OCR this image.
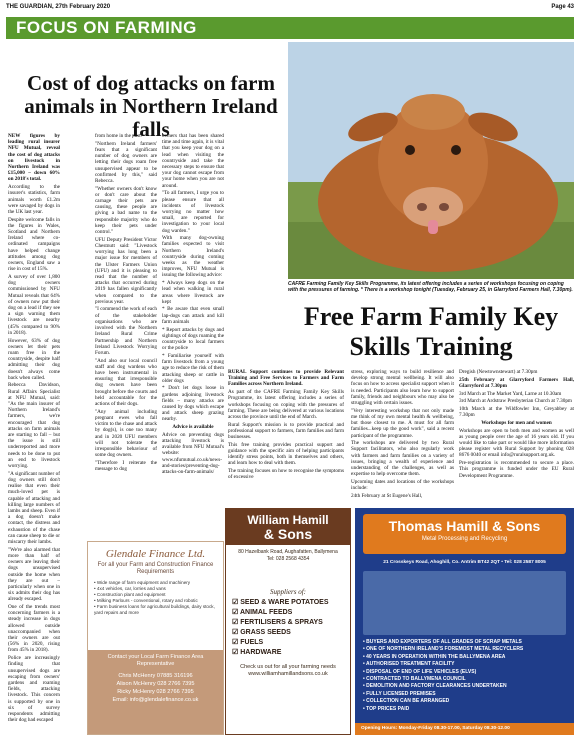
THE GUARDIAN, 27th February 2020	Page 43
FOCUS ON FARMING
Cost of dog attacks on farm animals in Northern Ireland falls

NEW figures by leading rural insurer NFU Mutual, reveal the cost of dog attacks on livestock in Northern Ireland was £15,000 – down 60% on 2018's total.

According to the insurer's statistics, farm animals worth £1.2m were savaged by dogs in the UK last year.

Despite welcome falls in the figures in Wales, Scotland and Northern Ireland where co-ordinated campaigns have helped change attitudes among dog owners, England saw a rise in cost of 15%.

A survey of over 1,800 dog owners commissioned by NFU Mutual reveals that 64% of owners now put their dog on a lead if they see a sign warning them livestock are nearby (45% compared to 90% in 2018).

However, 63% of dog owners let their pets roam free in the countryside, despite half admitting their dog doesn't always come back when called.

Rebecca Davidson, Rural Affairs Specialist at NFU Mutual, said: "As the main insurer of Northern Ireland's farmers, we're encouraged that dog attacks on farm animals are starting to fall – but the issue is still underreported and more needs to be done to put an end to livestock worrying.

"A significant number of dog owners still don't realise that even their much-loved pet is capable of attacking and killing large numbers of lambs and sheep. Even if a dog doesn't make contact, the distress and exhaustion of the chase can cause sheep to die or miscarry their lambs.

"We're also alarmed that more than half of owners are leaving their dogs unsupervised outside the home when they are out – particularly when one in six admits their dog has already escaped.

One of the trends most concerning farmers is a steady increase in dogs allowed outside unaccompanied when their owners are out (56% in 2020, rising from 45% in 2018).

Police are increasingly finding that unsupervised dogs are escaping from owners' gardens and roaming fields, attacking livestock. This concern is supported by one in six of survey respondents admitting their dog had escaped

from home in the past.

"Northern Ireland farmers' fears that a significant number of dog owners are letting their dogs roam free unsupervised appear to be confirmed by this," said Rebecca.

"Whether owners don't know or don't care about the carnage their pets are causing, these people are giving a bad name to the responsible majority who do keep their pets under control."

UFU Deputy President Victor Chestnutt said: "Livestock worrying has long been a major issue for members of the Ulster Farmers Union (UFU) and it is pleasing to read that the number of attacks that occurred during 2019 has fallen significantly when compared to the previous year.

"I commend the work of each of the stakeholder organisations who are involved with the Northern Ireland Rural Crime Partnership and Northern Ireland Livestock Worrying Forum.

"And also our local council staff and dog wardens who have been instrumental in ensuring that irresponsible dog owners have been brought before the courts and held accountable for the actions of their dogs.

"Any animal including pregnant ewes who fall victim to the chase and attack by dog(s), is one too many and in 2020 UFU members will not tolerate the irresponsible behaviour of some dog owners.

"Therefore I reiterate the message to dog

owners that has been shared time and time again, it is vital that you keep your dog on a lead when visiting the countryside and take the necessary steps to ensure that your dog cannot escape from your home when you are not around.

"To all farmers, I urge you to please ensure that all incidents of livestock worrying no matter how small, are reported for investigation to your local dog warden."

With many dog-owning families expected to visit Northern Ireland's countryside during coming weeks as the weather improves, NFU Mutual is issuing the following advice:

* Always keep dogs on the lead when walking in rural areas where livestock are kept

* Be aware that even small lap-dogs can attack and kill farm animals

* Report attacks by dogs and sightings of dogs roaming the countryside to local farmers or the police

* Familiarise yourself with farm livestock from a young age to reduce the risk of them attacking sheep or cattle in older dogs

* Don't let dogs loose in gardens adjoining livestock fields – many attacks are caused by dogs which escape and attack sheep grazing nearby.

Advice is available

Advice on preventing dogs attacking livestock is available from NFU Mutual's website: www.nfumutual.co.uk/news-and-stories/preventing-dog-attacks-on-farm-animals/

CAFRE Farming Family Key Skills Programme, its latest offering includes a series of workshops focusing on coping with the pressures of farming. * There is a workshop tonight (Tuesday, February 25, in Glarryford Farmers Hall, 7.30pm).
Free Farm Family Key Skills Training

RURAL Support continues to provide Relevant Training and Free Services to Farmers and Farm Families across Northern Ireland.

As part of the CAFRE Farming Family Key Skills Programme, its latest offering includes a series of workshops focusing on coping with the pressures of farming. These are being delivered at various locations across the province until the end of March.

Rural Support's mission is to provide practical and professional support to farmers, farm families and farm businesses.

This free training provides practical support and guidance with the specific aim of helping participants identify stress points, both in themselves and others, and learn how to deal with them.

The training focuses on how to recognise the symptoms of excessive

stress, exploring ways to build resilience and develop strong mental wellbeing. It will also focus on how to access specialist support when it is needed. Participants also learn how to support family, friends and neighbours who may also be struggling with certain issues.

"Very interesting workshop that not only made me think of my own mental health & wellbeing, but those closest to me. A must for all farm families...keep up the good work", said a recent participant of the programme.

The workshops are delivered by two Rural Support facilitators, who also regularly work with farmers and farm families on a variety of issues, bringing a wealth of experience and understanding of the challenges, as well as expertise to help overcome them.

Upcoming dates and locations of the workshops include:

24th February at St Eugene's Hall,

Dregish (Newtownstewart) at 7.30pm

25th February at Glarryford Farmers Hall, Glarryford at 7.30pm

3rd March at The Market Yard, Larne at 10.30am

3rd March at Ardstraw Presbyterian Church at 7.30pm

10th March at the Wildfowler Inn, Greyabbey at 7.30pm

Workshops for men and women

Workshops are open to both men and women as well as young people over the age of 16 years old. If you would like to take part or would like more information please register with Rural Support by phoning 028 8676 0040 or email info@ruralsupport.org.uk.

Pre-registration is recommended to secure a place. This programme is funded under the EU Rural Development Programme.

Glendale Finance Ltd.
For all your Farm and Construction Finance Requirements
• Wide range of farm equipment and machinery
• 4x4 vehicles, car, lorries and vans
• Construction plant and equipment
• Milking Parlours - conventional, rotary and robotic
• Farm business loans for agricultural buildings, dairy stock, yard repairs and more
Contact your Local Farm Finance Area Representative
Chris McHenry 07885 316196
Alison McHenry 028 2766 7395
Ricky McHenry 028 2766 7395
Email: info@glendalefinance.co.uk
William Hamill
& Sons
80 Hazelbank Road, Aughafatten, Ballymena
Tel: 028 2568 4354
Suppliers of:
☑ SEED & WARE POTATOES
☑ ANIMAL FEEDS
☑ FERTILISERS & SPRAYS
☑ GRASS SEEDS
☑ FUELS
☑ HARDWARE
Check us out for all your farming needs www.williamhamillandsons.co.uk
Thomas Hamill & Sons
Metal Processing and Recycling
21 Crosskeys Road, Ahoghill, Co. Antrim BT42 2QT • Tel: 028 2587 8005
• BUYERS AND EXPORTERS OF ALL GRADES OF SCRAP METALS
• ONE OF NORTHERN IRELAND'S FOREMOST METAL RECYCLERS
• 40 YEARS IN OPERATION WITHIN THE BALLYMENA AREA
• AUTHORISED TREATMENT FACILITY
• DISPOSAL OF END OF LIFE VEHICLES (ELVS)
• CONTRACTED TO BALLYMENA COUNCIL
• DEMOLITION AND FACTORY CLEARANCES UNDERTAKEN
• FULLY LICENSED PREMISES
• COLLECTION CAN BE ARRANGED
• TOP PRICES PAID
Opening Hours: Monday-Friday 08.30-17.00, Saturday 08.30-12.00
